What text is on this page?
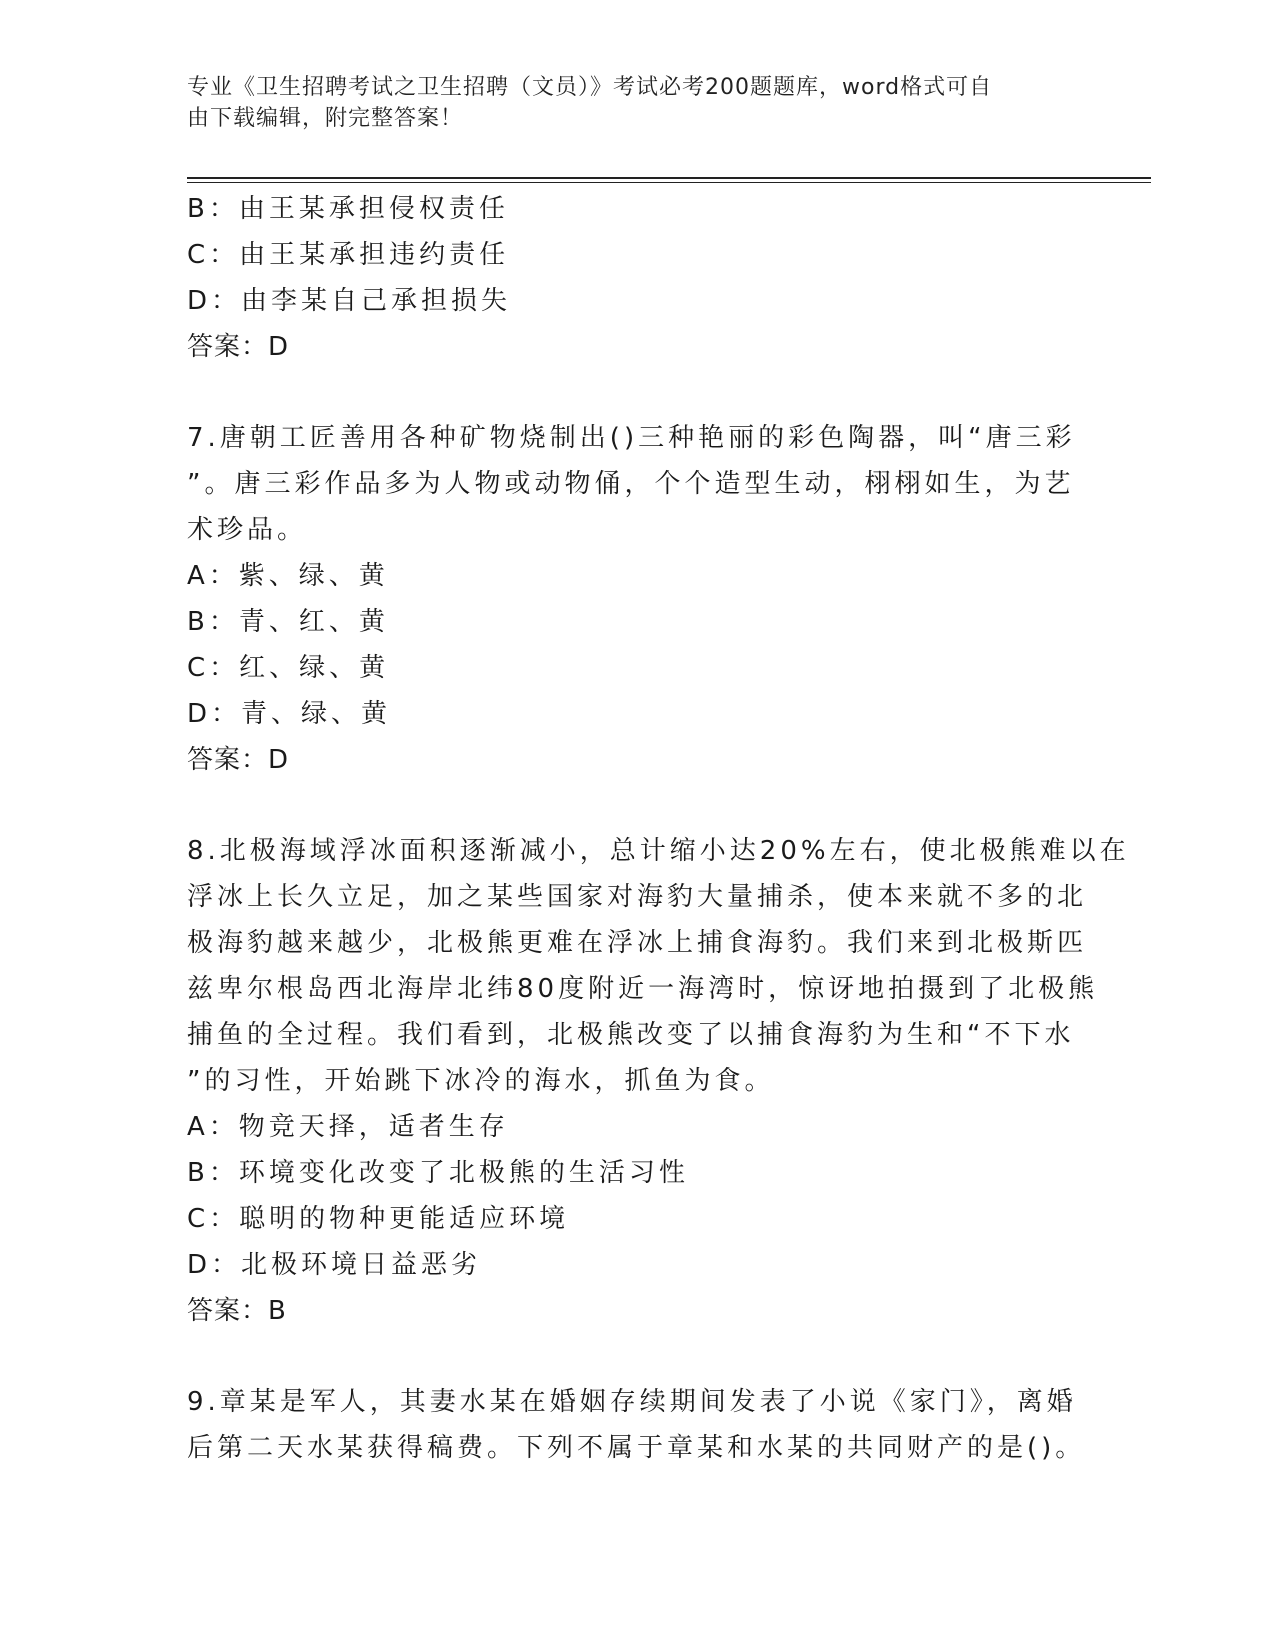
专业《卫生招聘考试之卫生招聘（文员）》考试必考200题题库，word格式可自
由下载编辑，附完整答案！
B：由王某承担侵权责任
C：由王某承担违约责任
D：由李某自己承担损失
答案：D
7.唐朝工匠善用各种矿物烧制出()三种艳丽的彩色陶器，叫“唐三彩
”。唐三彩作品多为人物或动物俑，个个造型生动，栩栩如生，为艺
术珍品。
A：紫、绿、黄
B：青、红、黄
C：红、绿、黄
D：青、绿、黄
答案：D
8.北极海域浮冰面积逐渐减小，总计缩小达20%左右，使北极熊难以在
浮冰上长久立足，加之某些国家对海豹大量捕杀，使本来就不多的北
极海豹越来越少，北极熊更难在浮冰上捕食海豹。我们来到北极斯匹
兹卑尔根岛西北海岸北纬80度附近一海湾时，惊讶地拍摄到了北极熊
捕鱼的全过程。我们看到，北极熊改变了以捕食海豹为生和“不下水
”的习性，开始跳下冰冷的海水，抓鱼为食。
A：物竞天择，适者生存
B：环境变化改变了北极熊的生活习性
C：聪明的物种更能适应环境
D：北极环境日益恶劣
答案：B
9.章某是军人，其妻水某在婚姻存续期间发表了小说《家门》，离婚
后第二天水某获得稿费。下列不属于章某和水某的共同财产的是()。
